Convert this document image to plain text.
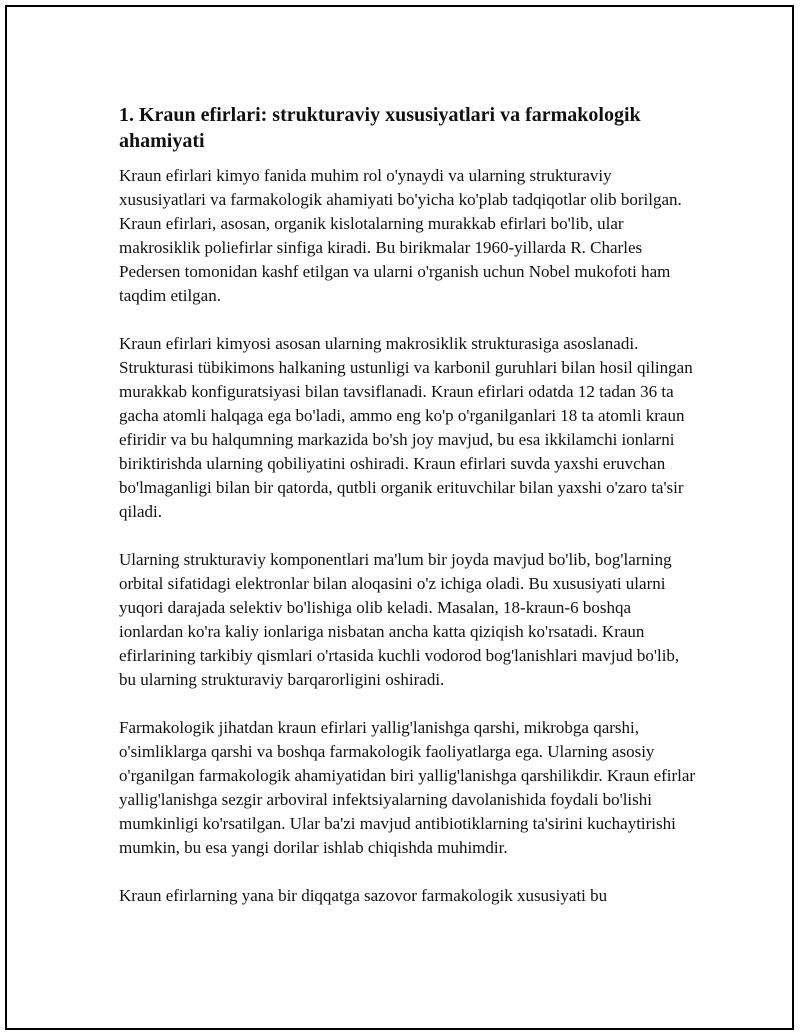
1. Kraun efirlari: strukturaviy xususiyatlari va farmakologik ahamiyati

Kraun efirlari kimyo fanida muhim rol o'ynaydi va ularning strukturaviy xususiyatlari va farmakologik ahamiyati bo'yicha ko'plab tadqiqotlar olib borilgan. Kraun efirlari, asosan, organik kislotalarning murakkab efirlari bo'lib, ular makrosiklik poliefirlar sinfiga kiradi. Bu birikmalar 1960-yillarda R. Charles Pedersen tomonidan kashf etilgan va ularni o'rganish uchun Nobel mukofoti ham taqdim etilgan.

Kraun efirlari kimyosi asosan ularning makrosiklik strukturasiga asoslanadi. Strukturasi tübikimons halkaning ustunligi va karbonil guruhlari bilan hosil qilingan murakkab konfiguratsiyasi bilan tavsiflanadi. Kraun efirlari odatda 12 tadan 36 ta gacha atomli halqaga ega bo'ladi, ammo eng ko'p o'rganilganlari 18 ta atomli kraun efiridir va bu halqumning markazida bo'sh joy mavjud, bu esa ikkilamchi ionlarni biriktirishda ularning qobiliyatini oshiradi. Kraun efirlari suvda yaxshi eruvchan bo'lmaganligi bilan bir qatorda, qutbli organik erituvchilar bilan yaxshi o'zaro ta'sir qiladi.

Ularning strukturaviy komponentlari ma'lum bir joyda mavjud bo'lib, bog'larning orbital sifatidagi elektronlar bilan aloqasini o'z ichiga oladi. Bu xususiyati ularni yuqori darajada selektiv bo'lishiga olib keladi. Masalan, 18-kraun-6 boshqa ionlardan ko'ra kaliy ionlariga nisbatan ancha katta qiziqish ko'rsatadi. Kraun efirlarining tarkibiy qismlari o'rtasida kuchli vodorod bog'lanishlari mavjud bo'lib, bu ularning strukturaviy barqarorligini oshiradi.

Farmakologik jihatdan kraun efirlari yallig'lanishga qarshi, mikrobga qarshi, o'simliklarga qarshi va boshqa farmakologik faoliyatlarga ega. Ularning asosiy o'rganilgan farmakologik ahamiyatidan biri yallig'lanishga qarshilikdir. Kraun efirlar yallig'lanishga sezgir arboviral infektsiyalarning davolanishida foydali bo'lishi mumkinligi ko'rsatilgan. Ular ba'zi mavjud antibiotiklarning ta'sirini kuchaytirishi mumkin, bu esa yangi dorilar ishlab chiqishda muhimdir.

Kraun efirlarning yana bir diqqatga sazovor farmakologik xususiyati bu
